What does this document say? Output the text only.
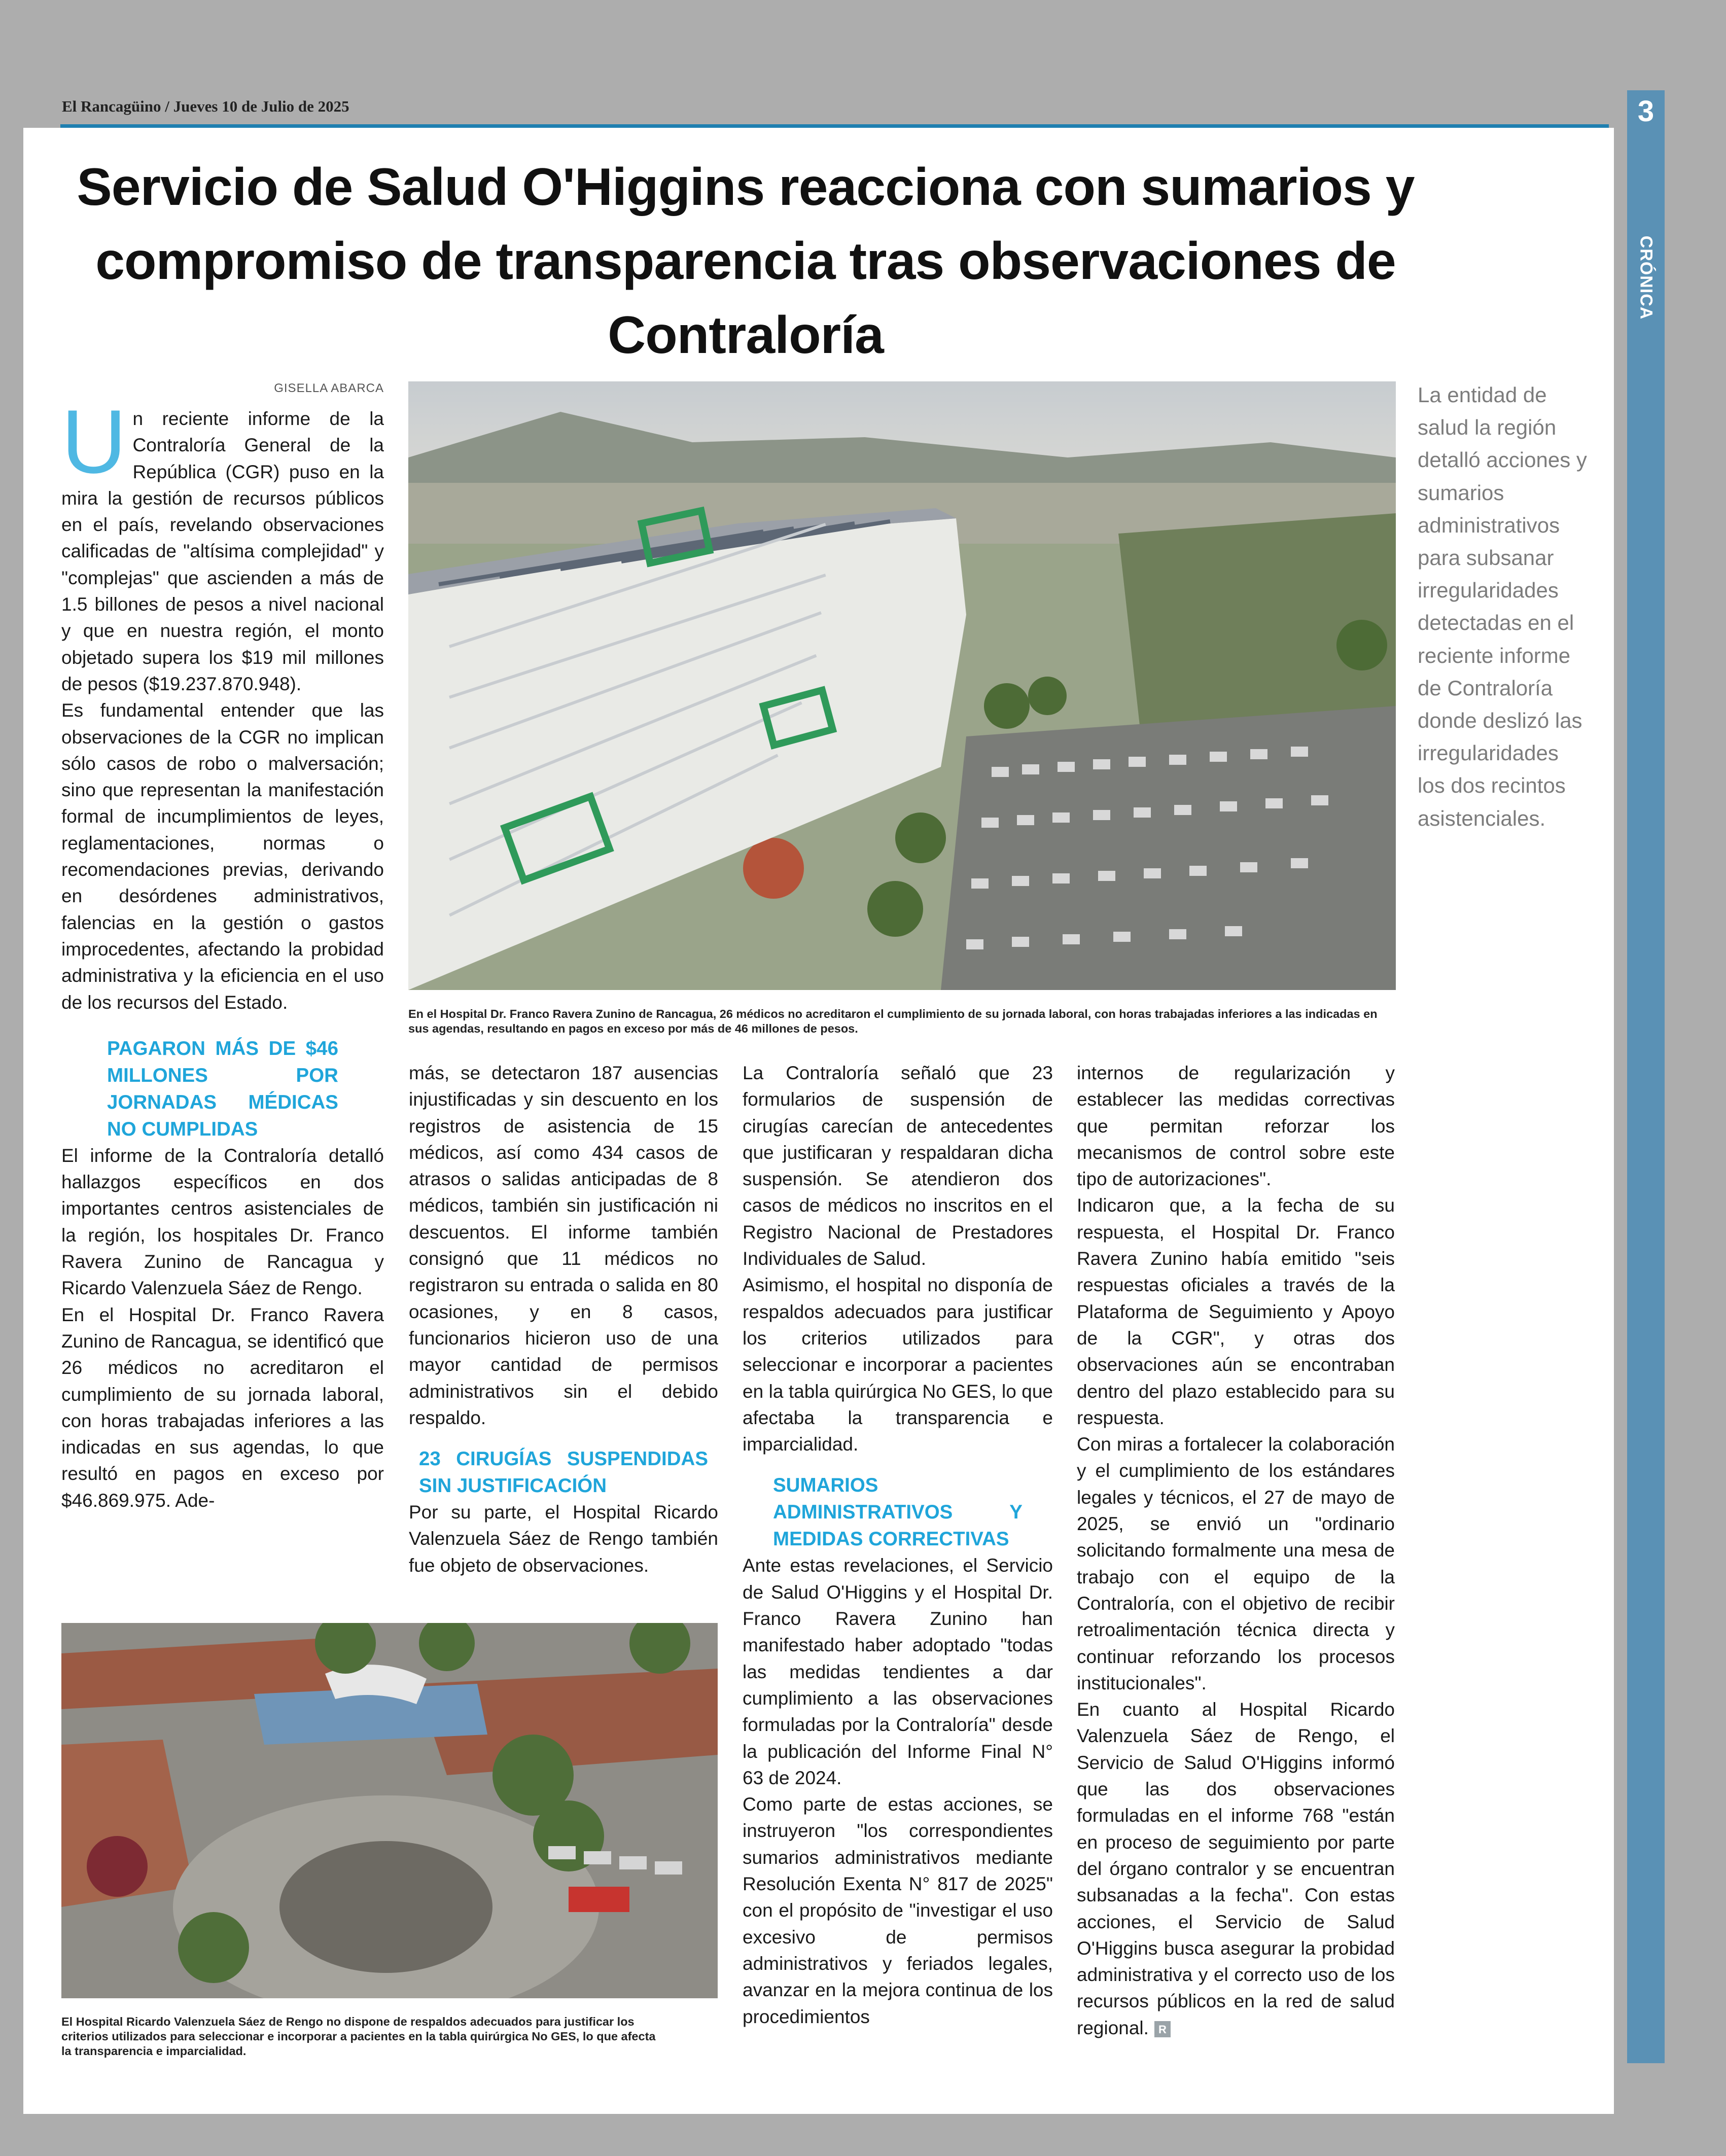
El Rancagüino / Jueves 10 de Julio de 2025	3
CRÓNICA
Servicio de Salud O'Higgins reacciona con sumarios y compromiso de transparencia tras observaciones de Contraloría
GISELLA ABARCA

Un reciente informe de la Contraloría General de la República (CGR) puso en la mira la gestión de recursos públicos en el país, revelando observaciones calificadas de "altísima complejidad" y "complejas" que ascienden a más de 1.5 billones de pesos a nivel nacional y que en nuestra región, el monto objetado supera los $19 mil millones de pesos ($19.237.870.948).

Es fundamental entender que las observaciones de la CGR no implican sólo casos de robo o malversación; sino que representan la manifestación formal de incumplimientos de leyes, reglamentaciones, normas o recomendaciones previas, derivando en desórdenes administrativos, falencias en la gestión o gastos improcedentes, afectando la probidad administrativa y la eficiencia en el uso de los recursos del Estado.

PAGARON MÁS DE $46 MILLONES POR JORNADAS MÉDICAS NO CUMPLIDAS

El informe de la Contraloría detalló hallazgos específicos en dos importantes centros asistenciales de la región, los hospitales Dr. Franco Ravera Zunino de Rancagua y Ricardo Valenzuela Sáez de Rengo.

En el Hospital Dr. Franco Ravera Zunino de Rancagua, se identificó que 26 médicos no acreditaron el cumplimiento de su jornada laboral, con horas trabajadas inferiores a las indicadas en sus agendas, lo que resultó en pagos en exceso por $46.869.975. Ade-

más, se detectaron 187 ausencias injustificadas y sin descuento en los registros de asistencia de 15 médicos, así como 434 casos de atrasos o salidas anticipadas de 8 médicos, también sin justificación ni descuentos. El informe también consignó que 11 médicos no registraron su entrada o salida en 80 ocasiones, y en 8 casos, funcionarios hicieron uso de una mayor cantidad de permisos administrativos sin el debido respaldo.

23 CIRUGÍAS SUSPENDIDAS SIN JUSTIFICACIÓN

Por su parte, el Hospital Ricardo Valenzuela Sáez de Rengo también fue objeto de observaciones.

La Contraloría señaló que 23 formularios de suspensión de cirugías carecían de antecedentes que justificaran y respaldaran dicha suspensión. Se atendieron dos casos de médicos no inscritos en el Registro Nacional de Prestadores Individuales de Salud.

Asimismo, el hospital no disponía de respaldos adecuados para justificar los criterios utilizados para seleccionar e incorporar a pacientes en la tabla quirúrgica No GES, lo que afectaba la transparencia e imparcialidad.

SUMARIOS ADMINISTRATIVOS Y MEDIDAS CORRECTIVAS

Ante estas revelaciones, el Servicio de Salud O'Higgins y el Hospital Dr. Franco Ravera Zunino han manifestado haber adoptado "todas las medidas tendientes a dar cumplimiento a las observaciones formuladas por la Contraloría" desde la publicación del Informe Final N° 63 de 2024.

Como parte de estas acciones, se instruyeron "los correspondientes sumarios administrativos mediante Resolución Exenta N° 817 de 2025" con el propósito de "investigar el uso excesivo de permisos administrativos y feriados legales, avanzar en la mejora continua de los procedimientos

internos de regularización y establecer las medidas correctivas que permitan reforzar los mecanismos de control sobre este tipo de autorizaciones".

Indicaron que, a la fecha de su respuesta, el Hospital Dr. Franco Ravera Zunino había emitido "seis respuestas oficiales a través de la Plataforma de Seguimiento y Apoyo de la CGR", y otras dos observaciones aún se encontraban dentro del plazo establecido para su respuesta.

Con miras a fortalecer la colaboración y el cumplimiento de los estándares legales y técnicos, el 27 de mayo de 2025, se envió un "ordinario solicitando formalmente una mesa de trabajo con el equipo de la Contraloría, con el objetivo de recibir retroalimentación técnica directa y continuar reforzando los procesos institucionales".

En cuanto al Hospital Ricardo Valenzuela Sáez de Rengo, el Servicio de Salud O'Higgins informó que las dos observaciones formuladas en el informe 768 "están en proceso de seguimiento por parte del órgano contralor y se encuentran subsanadas a la fecha". Con estas acciones, el Servicio de Salud O'Higgins busca asegurar la probidad administrativa y el correcto uso de los recursos públicos en la red de salud regional. R

La entidad de salud la región detalló acciones y sumarios administrativos para subsanar irregularidades detectadas en el reciente informe de Contraloría donde deslizó las irregularidades los dos recintos asistenciales.

En el Hospital Dr. Franco Ravera Zunino de Rancagua, 26 médicos no acreditaron el cumplimiento de su jornada laboral, con horas trabajadas inferiores a las indicadas en sus agendas, resultando en pagos en exceso por más de 46 millones de pesos.
El Hospital Ricardo Valenzuela Sáez de Rengo no dispone de respaldos adecuados para justificar los criterios utilizados para seleccionar e incorporar a pacientes en la tabla quirúrgica No GES, lo que afecta la transparencia e imparcialidad.
